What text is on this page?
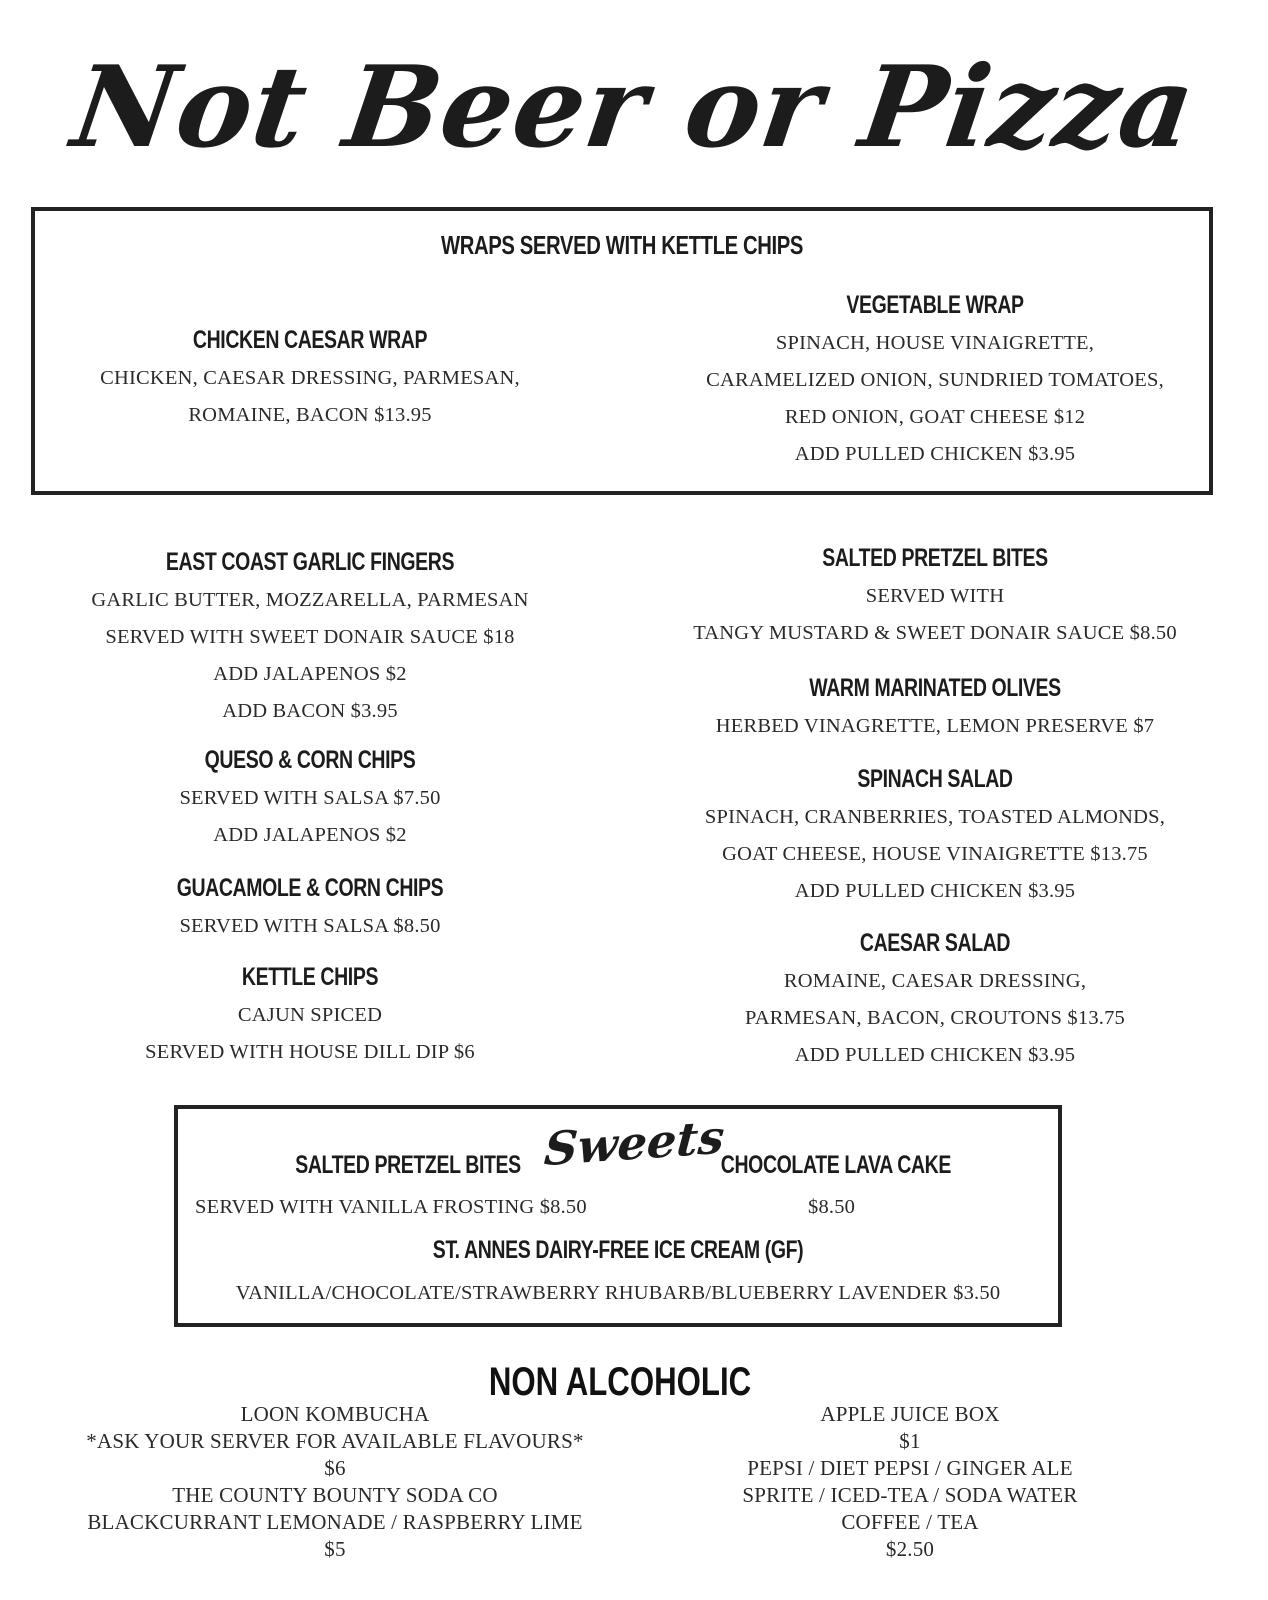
Not Beer or Pizza
WRAPS SERVED WITH KETTLE CHIPS
CHICKEN CAESAR WRAP
CHICKEN, CAESAR DRESSING, PARMESAN,
ROMAINE, BACON $13.95
VEGETABLE WRAP
SPINACH, HOUSE VINAIGRETTE,
CARAMELIZED ONION, SUNDRIED TOMATOES,
RED ONION, GOAT CHEESE $12
ADD PULLED CHICKEN $3.95
EAST COAST GARLIC FINGERS
GARLIC BUTTER, MOZZARELLA, PARMESAN
SERVED WITH SWEET DONAIR SAUCE $18
ADD JALAPENOS $2
ADD BACON $3.95
QUESO & CORN CHIPS
SERVED WITH SALSA $7.50
ADD JALAPENOS $2
GUACAMOLE & CORN CHIPS
SERVED WITH SALSA $8.50
KETTLE CHIPS
CAJUN SPICED
SERVED WITH HOUSE DILL DIP $6
SALTED PRETZEL BITES
SERVED WITH
TANGY MUSTARD & SWEET DONAIR SAUCE $8.50
WARM MARINATED OLIVES
HERBED VINAGRETTE, LEMON PRESERVE $7
SPINACH SALAD
SPINACH, CRANBERRIES, TOASTED ALMONDS,
GOAT CHEESE, HOUSE VINAIGRETTE $13.75
ADD PULLED CHICKEN $3.95
CAESAR SALAD
ROMAINE, CAESAR DRESSING,
PARMESAN, BACON, CROUTONS $13.75
ADD PULLED CHICKEN $3.95
Sweets
SALTED PRETZEL BITES	CHOCOLATE LAVA CAKE
SERVED WITH VANILLA FROSTING $8.50	$8.50
ST. ANNES DAIRY-FREE ICE CREAM (GF)
VANILLA/CHOCOLATE/STRAWBERRY RHUBARB/BLUEBERRY LAVENDER $3.50
NON ALCOHOLIC
LOON KOMBUCHA
*ASK YOUR SERVER FOR AVAILABLE FLAVOURS*
$6
THE COUNTY BOUNTY SODA CO
BLACKCURRANT LEMONADE / RASPBERRY LIME
$5
APPLE JUICE BOX
$1
PEPSI / DIET PEPSI / GINGER ALE
SPRITE / ICED-TEA / SODA WATER
COFFEE / TEA
$2.50
